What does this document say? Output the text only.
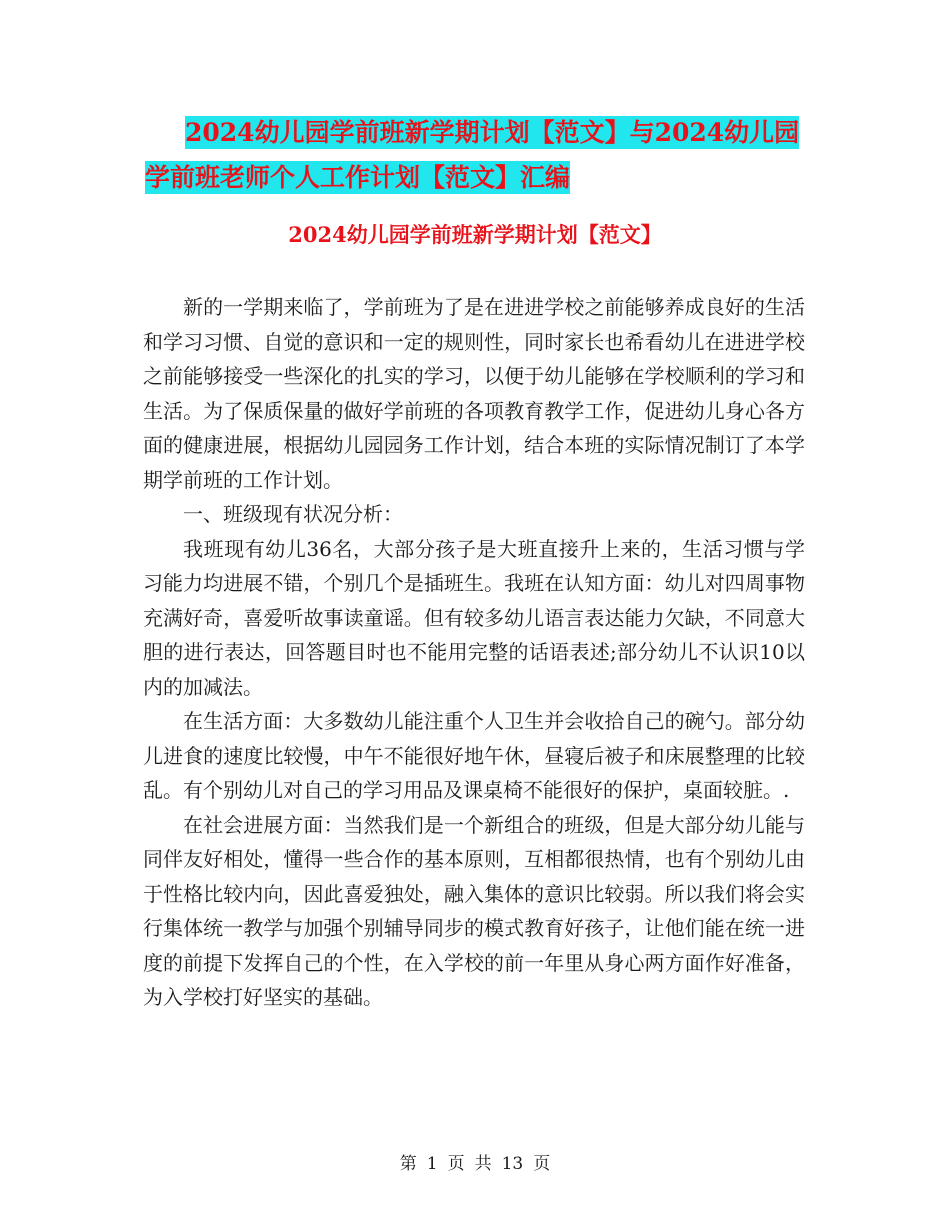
2024幼儿园学前班新学期计划【范文】与2024幼儿园
学前班老师个人工作计划【范文】汇编
2024幼儿园学前班新学期计划【范文】

新的一学期来临了，学前班为了是在进进学校之前能够养成良好的生活和学习习惯、自觉的意识和一定的规则性，同时家长也希看幼儿在进进学校之前能够接受一些深化的扎实的学习，以便于幼儿能够在学校顺利的学习和生活。为了保质保量的做好学前班的各项教育教学工作，促进幼儿身心各方面的健康进展，根据幼儿园园务工作计划，结合本班的实际情况制订了本学期学前班的工作计划。

一、班级现有状况分析：

我班现有幼儿36名，大部分孩子是大班直接升上来的，生活习惯与学习能力均进展不错，个别几个是插班生。我班在认知方面：幼儿对四周事物充满好奇，喜爱听故事读童谣。但有较多幼儿语言表达能力欠缺，不同意大胆的进行表达，回答题目时也不能用完整的话语表述;部分幼儿不认识10以内的加减法。

在生活方面：大多数幼儿能注重个人卫生并会收拾自己的碗勺。部分幼儿进食的速度比较慢，中午不能很好地午休，昼寝后被子和床展整理的比较乱。有个别幼儿对自己的学习用品及课桌椅不能很好的保护，桌面较脏。.

在社会进展方面：当然我们是一个新组合的班级，但是大部分幼儿能与同伴友好相处，懂得一些合作的基本原则，互相都很热情，也有个别幼儿由于性格比较内向，因此喜爱独处，融入集体的意识比较弱。所以我们将会实行集体统一教学与加强个别辅导同步的模式教育好孩子，让他们能在统一进度的前提下发挥自己的个性，在入学校的前一年里从身心两方面作好准备，为入学校打好坚实的基础。

第 1 页 共 13 页
